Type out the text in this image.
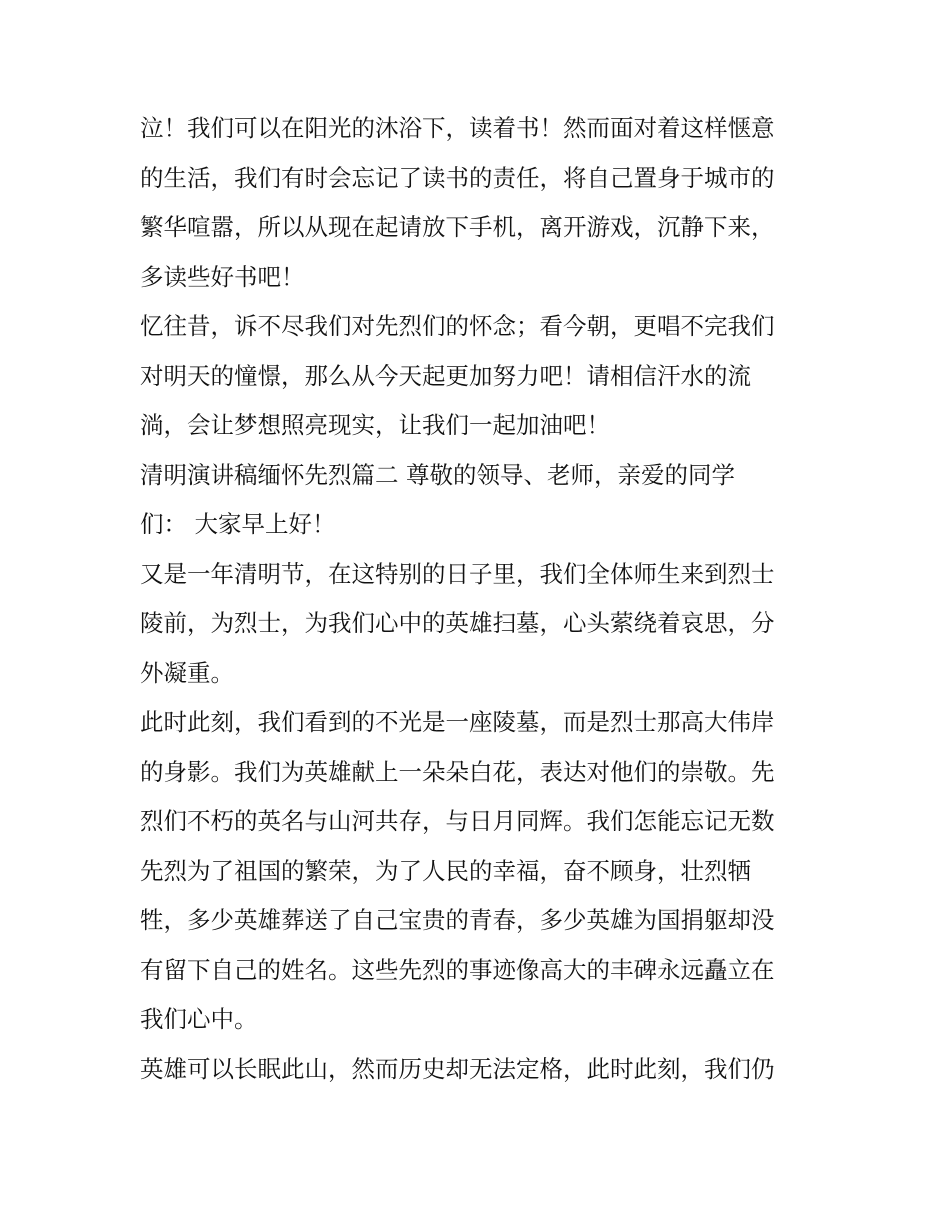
泣！我们可以在阳光的沐浴下，读着书！然而面对着这样惬意
的生活，我们有时会忘记了读书的责任，将自己置身于城市的
繁华喧嚣，所以从现在起请放下手机，离开游戏，沉静下来，
多读些好书吧！
忆往昔，诉不尽我们对先烈们的怀念；看今朝，更唱不完我们
对明天的憧憬，那么从今天起更加努力吧！请相信汗水的流
淌，会让梦想照亮现实，让我们一起加油吧！
清明演讲稿缅怀先烈篇二 尊敬的领导、老师，亲爱的同学
们： 大家早上好！
又是一年清明节，在这特别的日子里，我们全体师生来到烈士
陵前，为烈士，为我们心中的英雄扫墓，心头萦绕着哀思，分
外凝重。
此时此刻，我们看到的不光是一座陵墓，而是烈士那高大伟岸
的身影。我们为英雄献上一朵朵白花，表达对他们的崇敬。先
烈们不朽的英名与山河共存，与日月同辉。我们怎能忘记无数
先烈为了祖国的繁荣，为了人民的幸福，奋不顾身，壮烈牺
牲，多少英雄葬送了自己宝贵的青春，多少英雄为国捐躯却没
有留下自己的姓名。这些先烈的事迹像高大的丰碑永远矗立在
我们心中。
英雄可以长眠此山，然而历史却无法定格，此时此刻，我们仍
